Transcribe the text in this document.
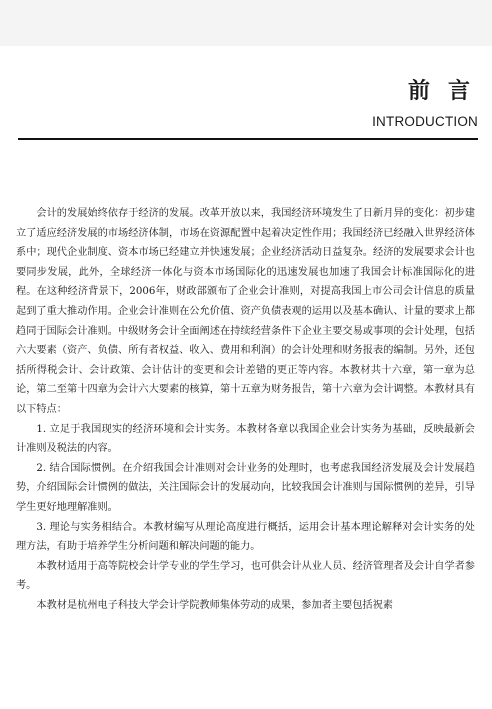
前言
INTRODUCTION

会计的发展始终依存于经济的发展。改革开放以来，我国经济环境发生了日新月异的变化：初步建立了适应经济发展的市场经济体制，市场在资源配置中起着决定性作用；我国经济已经融入世界经济体系中；现代企业制度、资本市场已经建立并快速发展；企业经济活动日益复杂。经济的发展要求会计也要同步发展，此外，全球经济一体化与资本市场国际化的迅速发展也加速了我国会计标准国际化的进程。在这种经济背景下，2006年，财政部颁布了企业会计准则，对提高我国上市公司会计信息的质量起到了重大推动作用。企业会计准则在公允价值、资产负债表观的运用以及基本确认、计量的要求上都趋同于国际会计准则。中级财务会计全面阐述在持续经营条件下企业主要交易或事项的会计处理，包括六大要素（资产、负债、所有者权益、收入、费用和利润）的会计处理和财务报表的编制。另外，还包括所得税会计、会计政策、会计估计的变更和会计差错的更正等内容。本教材共十六章，第一章为总论，第二至第十四章为会计六大要素的核算，第十五章为财务报告，第十六章为会计调整。本教材具有以下特点：

1. 立足于我国现实的经济环境和会计实务。本教材各章以我国企业会计实务为基础，反映最新会计准则及税法的内容。

2. 结合国际惯例。在介绍我国会计准则对会计业务的处理时，也考虑我国经济发展及会计发展趋势，介绍国际会计惯例的做法，关注国际会计的发展动向，比较我国会计准则与国际惯例的差异，引导学生更好地理解准则。

3. 理论与实务相结合。本教材编写从理论高度进行概括，运用会计基本理论解释对会计实务的处理方法，有助于培养学生分析问题和解决问题的能力。

本教材适用于高等院校会计学专业的学生学习，也可供会计从业人员、经济管理者及会计自学者参考。

本教材是杭州电子科技大学会计学院教师集体劳动的成果，参加者主要包括祝素
